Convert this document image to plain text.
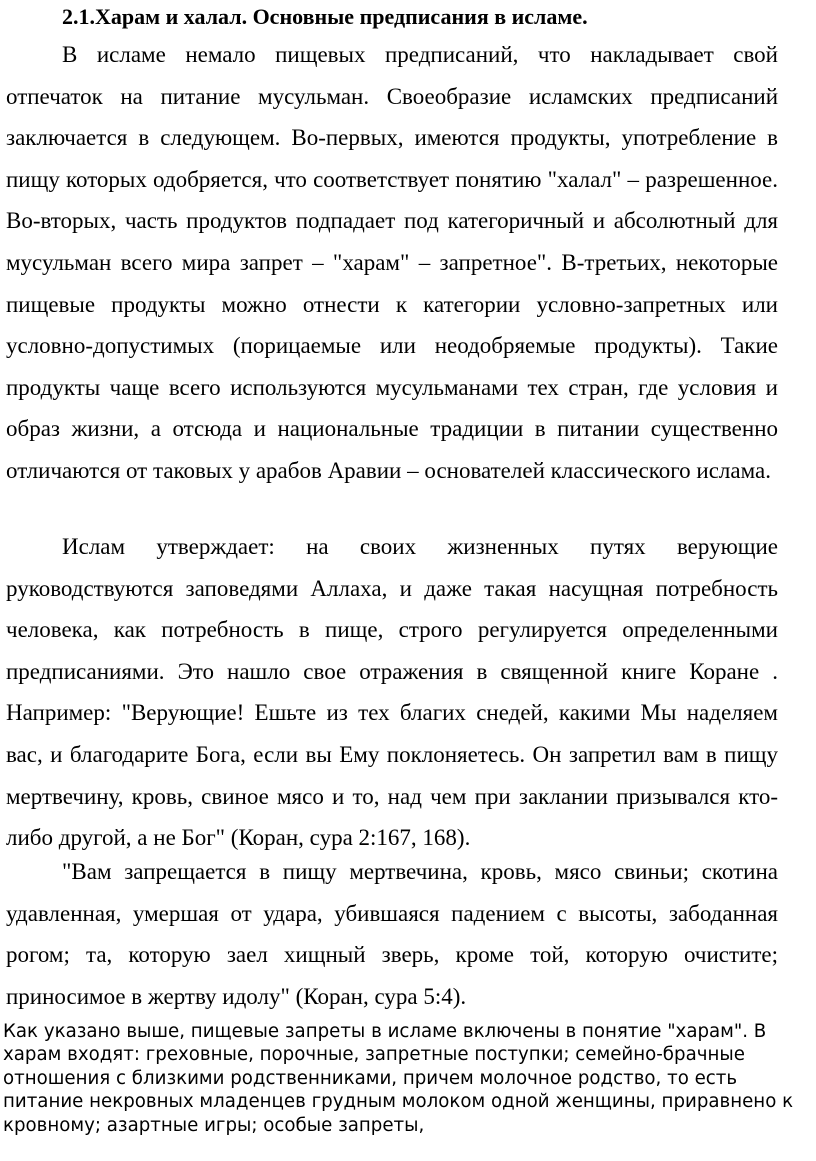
2.1.Харам и халал. Основные предписания в исламе.

В исламе немало пищевых предписаний, что накладывает свой отпечаток на питание мусульман. Своеобразие исламских предписаний заключается в следующем. Во-первых, имеются продукты, употребление в пищу которых одобряется, что соответствует понятию "халал" – разрешенное. Во-вторых, часть продуктов подпадает под категоричный и абсолютный для мусульман всего мира запрет – "харам" – запретное". В-третьих, некоторые пищевые продукты можно отнести к категории условно-запретных или условно-допустимых (порицаемые или неодобряемые продукты). Такие продукты чаще всего используются мусульманами тех стран, где условия и образ жизни, а отсюда и национальные традиции в питании существенно отличаются от таковых у арабов Аравии – основателей классического ислама.

Ислам утверждает: на своих жизненных путях верующие руководствуются заповедями Аллаха, и даже такая насущная потребность человека, как потребность в пище, строго регулируется определенными предписаниями. Это нашло свое отражения в священной книге Коране . Например: "Верующие! Ешьте из тех благих снедей, какими Мы наделяем вас, и благодарите Бога, если вы Ему поклоняетесь. Он запретил вам в пищу мертвечину, кровь, свиное мясо и то, над чем при заклании призывался кто-либо другой, а не Бог" (Коран, сура 2:167, 168).

"Вам запрещается в пищу мертвечина, кровь, мясо свиньи; скотина удавленная, умершая от удара, убившаяся падением с высоты, забоданная рогом; та, которую заел хищный зверь, кроме той, которую очистите; приносимое в жертву идолу" (Коран, сура 5:4).

Как указано выше, пищевые запреты в исламе включены в понятие "харам". В харам входят: греховные, порочные, запретные поступки; семейно-брачные отношения с близкими родственниками, причем молочное родство, то есть питание некровных младенцев грудным молоком одной женщины, приравнено к кровному; азартные игры; особые запреты,
